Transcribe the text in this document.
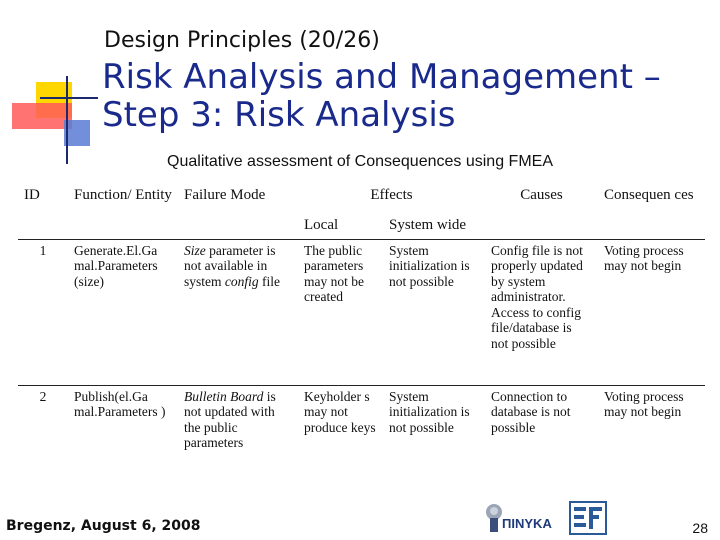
Design Principles (20/26)
Risk Analysis and Management –
Step 3: Risk Analysis
Qualitative assessment of Consequences using FMEA
ID	Function/ Entity	Failure Mode	Effects		Causes	Consequen ces
			Local	System wide		
1	Generate.El.Ga mal.Parameters (size)	Size parameter is not available in system config file	The public parameters may not be created	System initialization is not possible	Config file is not properly updated by system administrator. Access to config file/database is not possible	Voting process may not begin
2	Publish(el.Ga mal.Parameters )	Bulletin Board is not updated with the public parameters	Keyholder s may not produce keys	System initialization is not possible	Connection to database is not possible	Voting process may not begin
Bregenz, August 6, 2008	ΠΙΝΥΚΑ	28
